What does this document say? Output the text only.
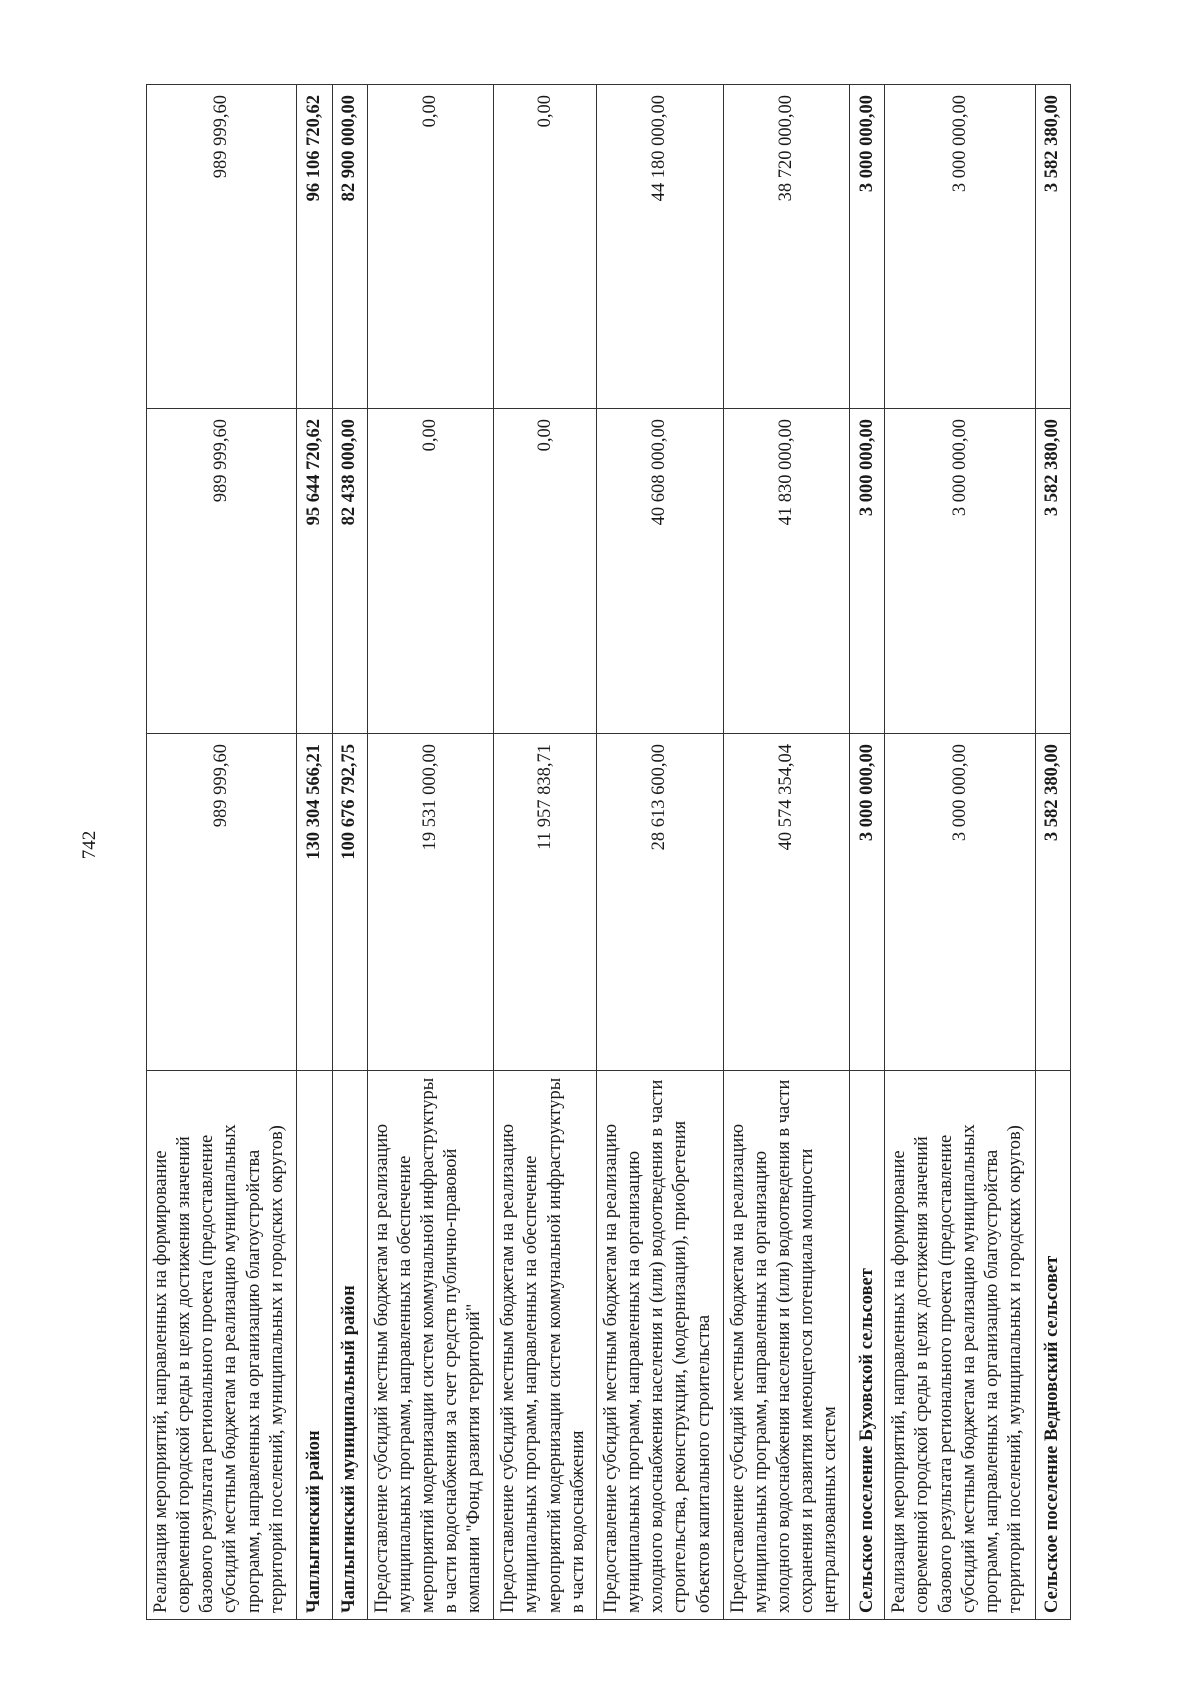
742
Реализация мероприятий, направленных на формирование современной городской среды в целях достижения значений базового результата регионального проекта (предоставление субсидий местным бюджетам на реализацию муниципальных программ, направленных на организацию благоустройства территорий поселений, муниципальных и городских округов)	989 999,60	989 999,60	989 999,60
Чаплыгинский район	130 304 566,21	95 644 720,62	96 106 720,62
Чаплыгинский муниципальный район	100 676 792,75	82 438 000,00	82 900 000,00
Предоставление субсидий местным бюджетам на реализацию муниципальных программ, направленных на обеспечение мероприятий модернизации систем коммунальной инфраструктуры в части водоснабжения за счет средств публично-правовой компании "Фонд развития территорий"	19 531 000,00	0,00	0,00
Предоставление субсидий местным бюджетам на реализацию муниципальных программ, направленных на обеспечение мероприятий модернизации систем коммунальной инфраструктуры в части водоснабжения	11 957 838,71	0,00	0,00
Предоставление субсидий местным бюджетам на реализацию муниципальных программ, направленных на организацию холодного водоснабжения населения и (или) водоотведения в части строительства, реконструкции, (модернизации), приобретения объектов капитального строительства	28 613 600,00	40 608 000,00	44 180 000,00
Предоставление субсидий местным бюджетам на реализацию муниципальных программ, направленных на организацию холодного водоснабжения населения и (или) водоотведения в части сохранения и развития имеющегося потенциала мощности централизованных систем	40 574 354,04	41 830 000,00	38 720 000,00
Сельское поселение Буховской сельсовет	3 000 000,00	3 000 000,00	3 000 000,00
Реализация мероприятий, направленных на формирование современной городской среды в целях достижения значений базового результата регионального проекта (предоставление субсидий местным бюджетам на реализацию муниципальных программ, направленных на организацию благоустройства территорий поселений, муниципальных и городских округов)	3 000 000,00	3 000 000,00	3 000 000,00
Сельское поселение Ведновский сельсовет	3 582 380,00	3 582 380,00	3 582 380,00
